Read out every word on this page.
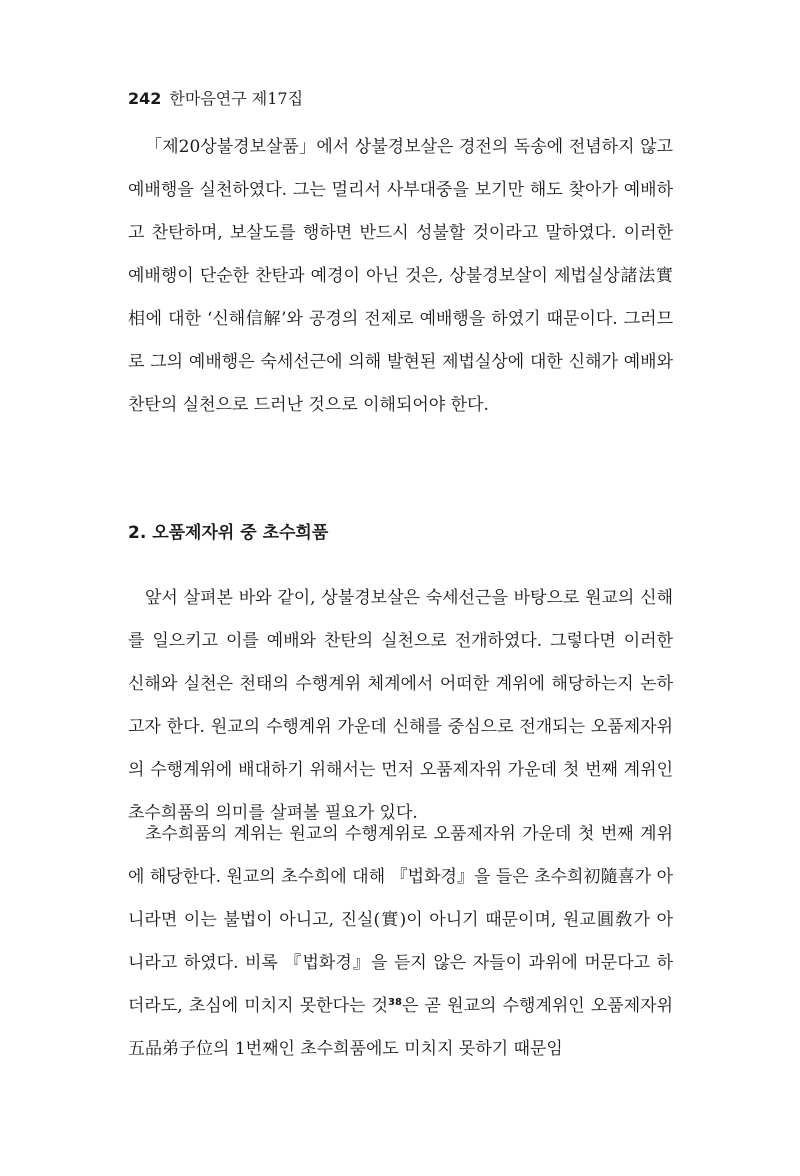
242 한마음연구 제17집

「제20상불경보살품」에서 상불경보살은 경전의 독송에 전념하지 않고 예배행을 실천하였다. 그는 멀리서 사부대중을 보기만 해도 찾아가 예배하고 찬탄하며, 보살도를 행하면 반드시 성불할 것이라고 말하였다. 이러한 예배행이 단순한 찬탄과 예경이 아닌 것은, 상불경보살이 제법실상諸法實相에 대한 ‘신해信解’와 공경의 전제로 예배행을 하였기 때문이다. 그러므로 그의 예배행은 숙세선근에 의해 발현된 제법실상에 대한 신해가 예배와 찬탄의 실천으로 드러난 것으로 이해되어야 한다.

2. 오품제자위 중 초수희품

앞서 살펴본 바와 같이, 상불경보살은 숙세선근을 바탕으로 원교의 신해를 일으키고 이를 예배와 찬탄의 실천으로 전개하였다. 그렇다면 이러한 신해와 실천은 천태의 수행계위 체계에서 어떠한 계위에 해당하는지 논하고자 한다. 원교의 수행계위 가운데 신해를 중심으로 전개되는 오품제자위의 수행계위에 배대하기 위해서는 먼저 오품제자위 가운데 첫 번째 계위인 초수희품의 의미를 살펴볼 필요가 있다.

초수희품의 계위는 원교의 수행계위로 오품제자위 가운데 첫 번째 계위에 해당한다. 원교의 초수희에 대해 『법화경』을 들은 초수희初隨喜가 아니라면 이는 불법이 아니고, 진실(實)이 아니기 때문이며, 원교圓敎가 아니라고 하였다. 비록 『법화경』을 듣지 않은 자들이 과위에 머문다고 하더라도, 초심에 미치지 못한다는 것$^{38}$은 곧 원교의 수행계위인 오품제자위五品弟子位의 1번째인 초수희품에도 미치지 못하기 때문임
